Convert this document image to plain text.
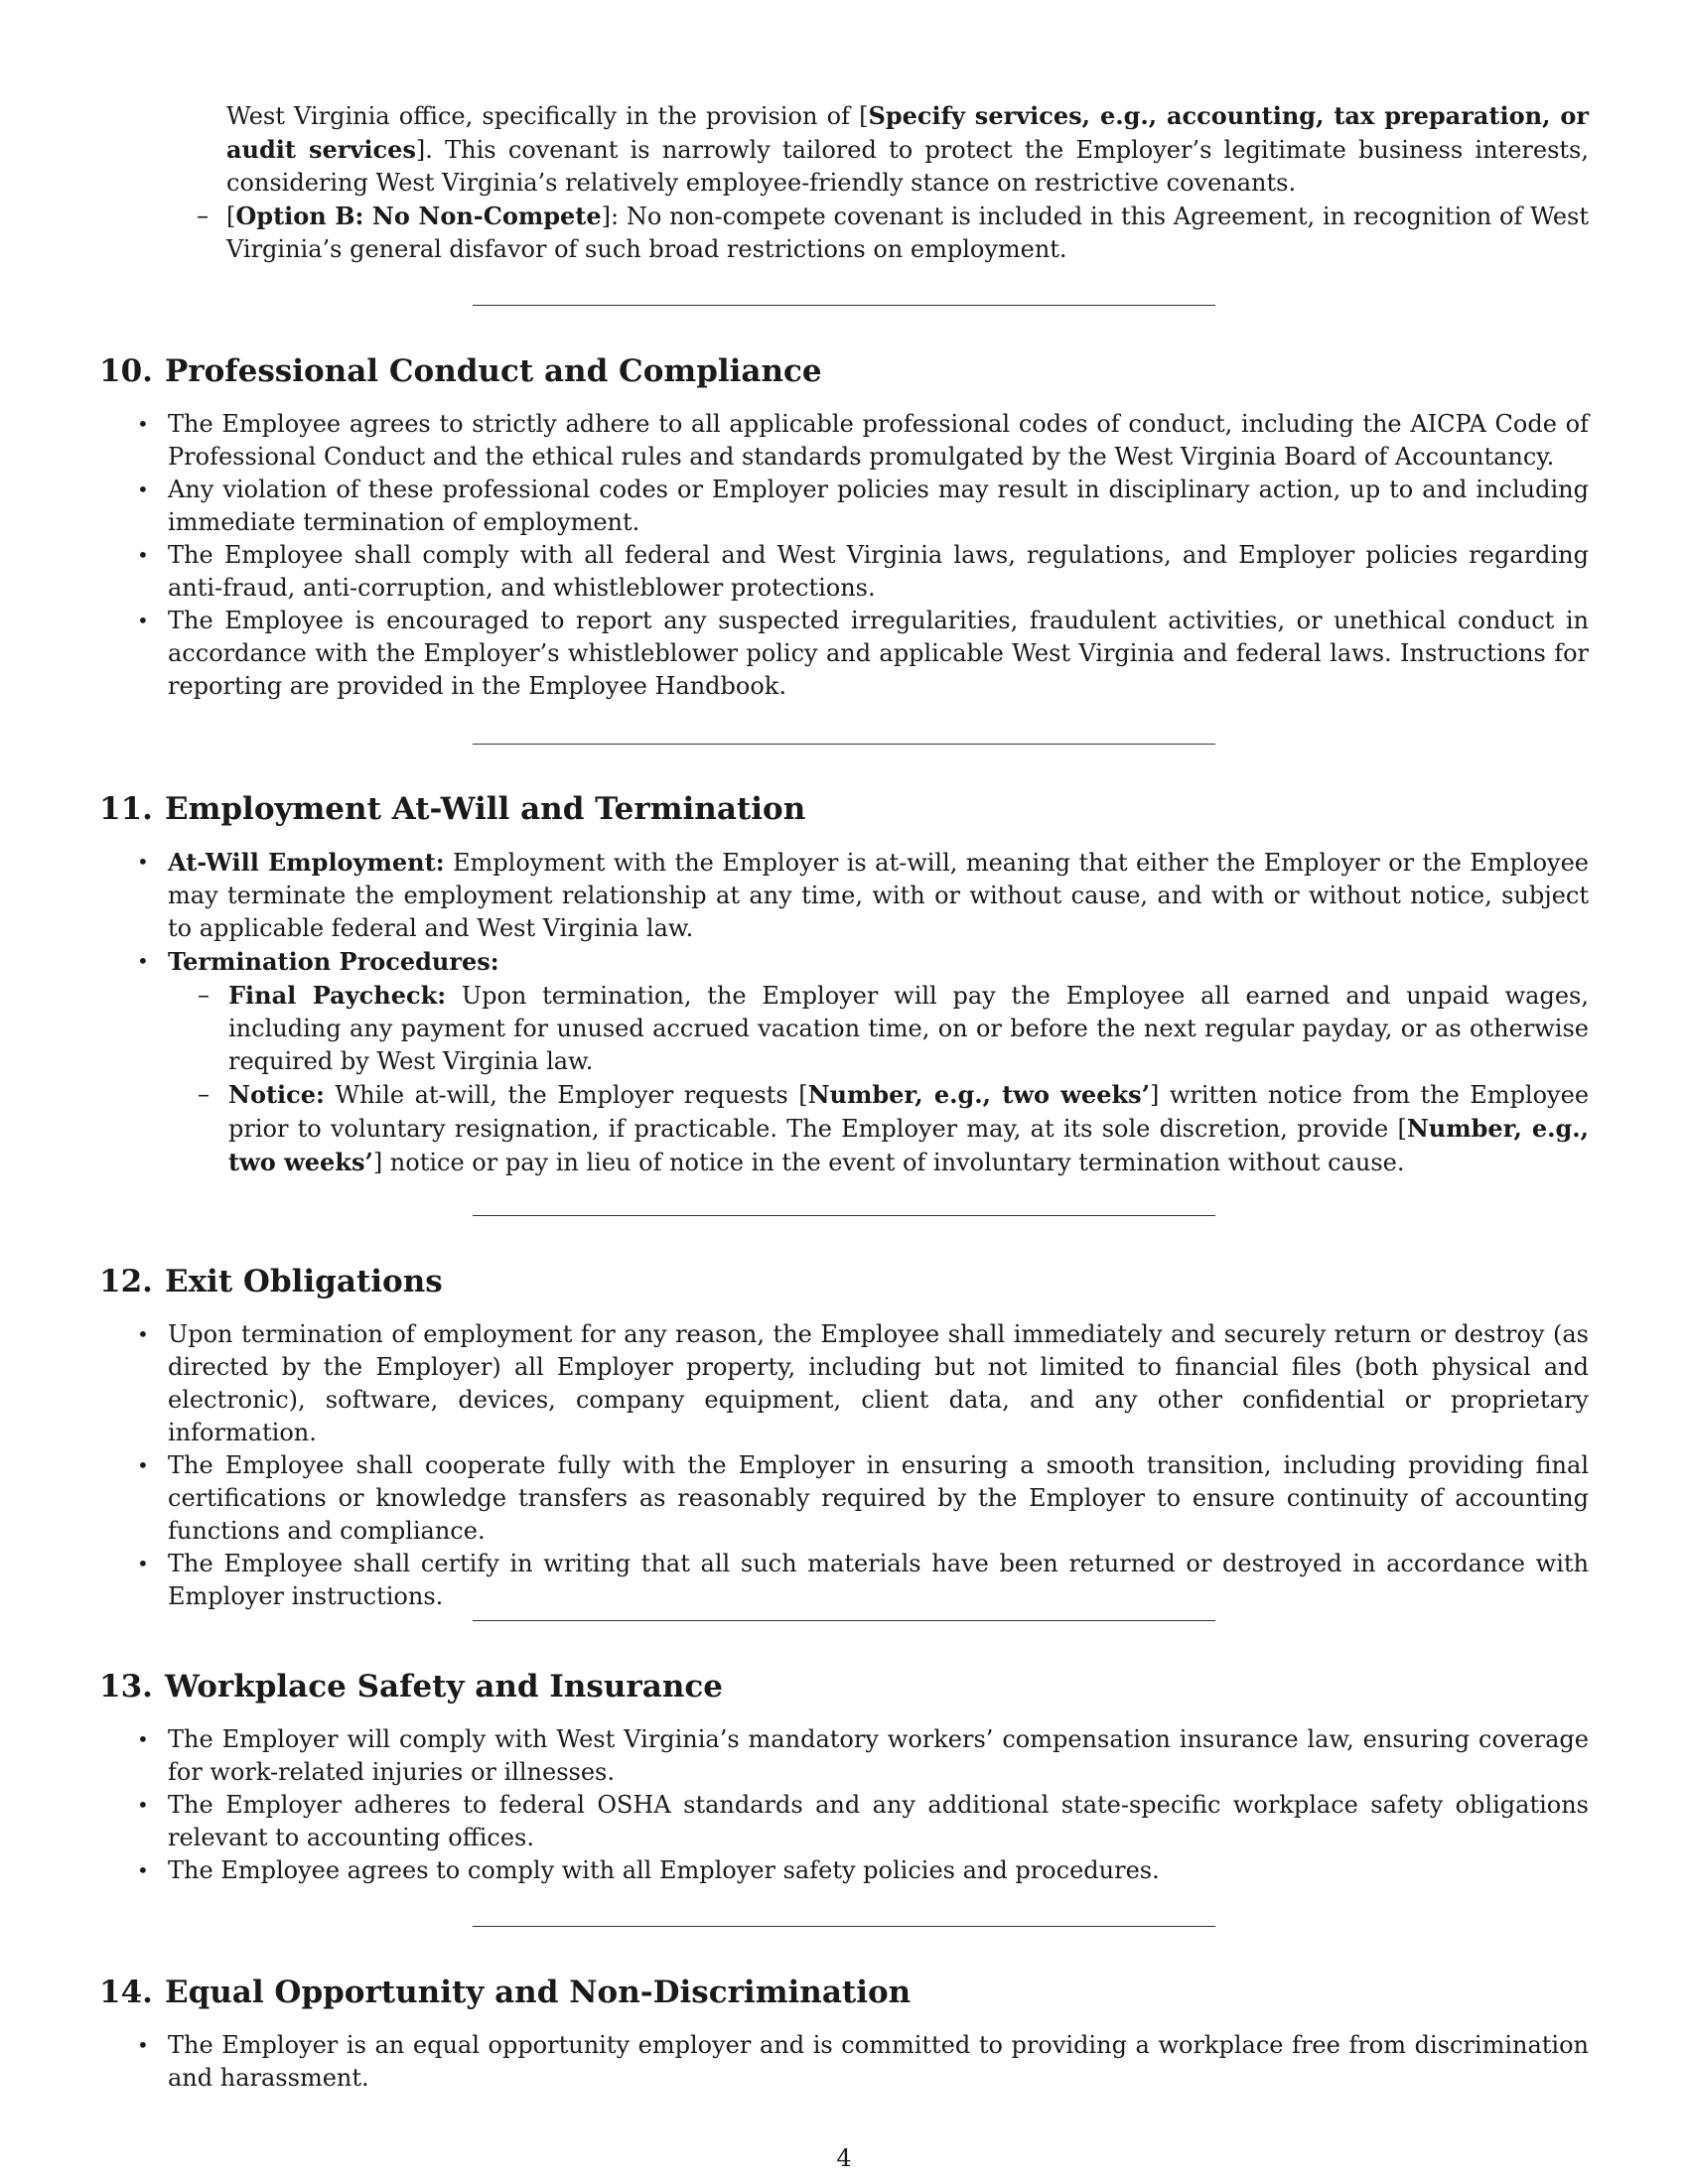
West Virginia office, specifically in the provision of [Specify services, e.g., accounting, tax preparation, or audit services]. This covenant is narrowly tailored to protect the Employer’s legitimate business interests, considering West Virginia’s relatively employee-friendly stance on restrictive covenants.

– [Option B: No Non-Compete]: No non-compete covenant is included in this Agreement, in recognition of West Virginia’s general disfavor of such broad restrictions on employment.
10. Professional Conduct and Compliance
• The Employee agrees to strictly adhere to all applicable professional codes of conduct, including the AICPA Code of Professional Conduct and the ethical rules and standards promulgated by the West Virginia Board of Accountancy.
• Any violation of these professional codes or Employer policies may result in disciplinary action, up to and including immediate termination of employment.
• The Employee shall comply with all federal and West Virginia laws, regulations, and Employer policies regarding anti-fraud, anti-corruption, and whistleblower protections.
• The Employee is encouraged to report any suspected irregularities, fraudulent activities, or unethical conduct in accordance with the Employer’s whistleblower policy and applicable West Virginia and federal laws. Instructions for reporting are provided in the Employee Handbook.
11. Employment At-Will and Termination
• At-Will Employment: Employment with the Employer is at-will, meaning that either the Employer or the Employee may terminate the employment relationship at any time, with or without cause, and with or without notice, subject to applicable federal and West Virginia law.
• Termination Procedures:
– Final Paycheck: Upon termination, the Employer will pay the Employee all earned and unpaid wages, including any payment for unused accrued vacation time, on or before the next regular payday, or as otherwise required by West Virginia law.
– Notice: While at-will, the Employer requests [Number, e.g., two weeks’] written notice from the Employee prior to voluntary resignation, if practicable. The Employer may, at its sole discretion, provide [Number, e.g., two weeks’] notice or pay in lieu of notice in the event of involuntary termination without cause.
12. Exit Obligations
• Upon termination of employment for any reason, the Employee shall immediately and securely return or destroy (as directed by the Employer) all Employer property, including but not limited to financial files (both physical and electronic), software, devices, company equipment, client data, and any other confidential or proprietary information.
• The Employee shall cooperate fully with the Employer in ensuring a smooth transition, including providing final certifications or knowledge transfers as reasonably required by the Employer to ensure continuity of accounting functions and compliance.
• The Employee shall certify in writing that all such materials have been returned or destroyed in accordance with Employer instructions.
13. Workplace Safety and Insurance
• The Employer will comply with West Virginia’s mandatory workers’ compensation insurance law, ensuring coverage for work-related injuries or illnesses.
• The Employer adheres to federal OSHA standards and any additional state-specific workplace safety obligations relevant to accounting offices.
• The Employee agrees to comply with all Employer safety policies and procedures.
14. Equal Opportunity and Non-Discrimination
• The Employer is an equal opportunity employer and is committed to providing a workplace free from discrimination and harassment.
4
